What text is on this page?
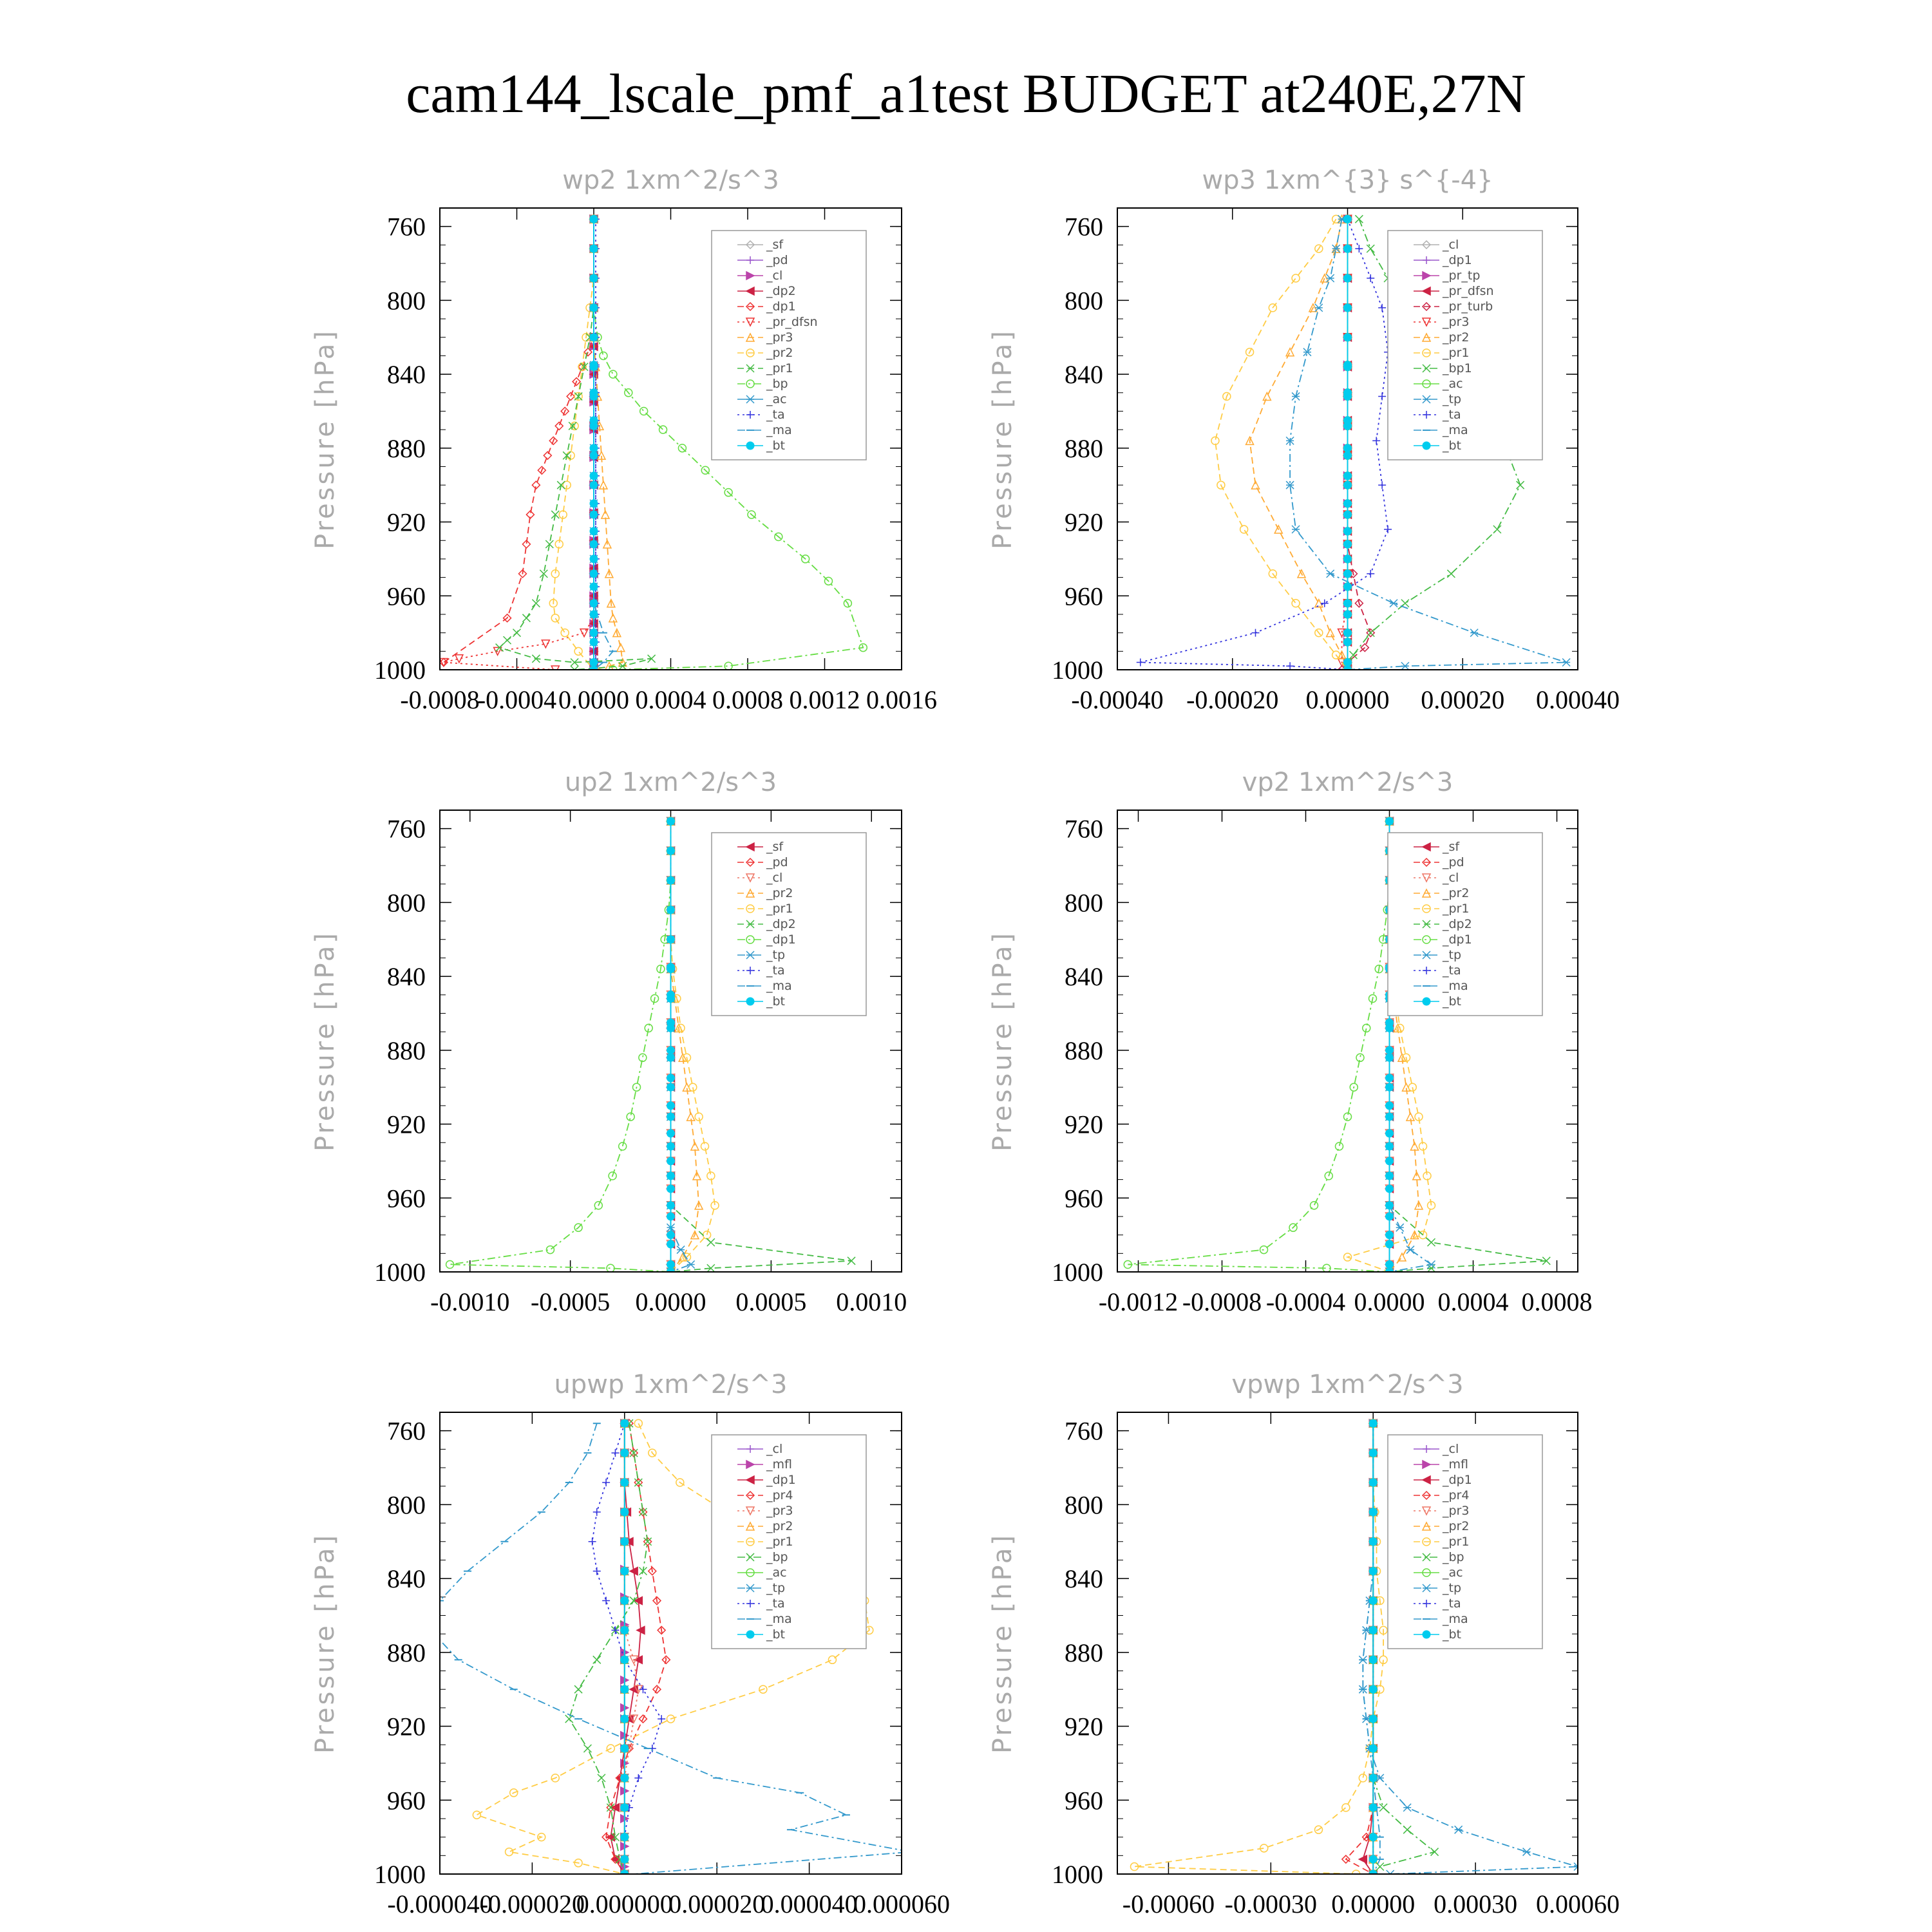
cam144_lscale_pmf_a1test BUDGET at240E,27N
wp2 1xm^2/s^3
Pressure [hPa]
760
800
840
880
920
960
1000
-0.0008
-0.0004 0.0000 0.0004 0.0008 0.0012 0.0016
_sf
_pd
_cl
_dp2
_dp1
_pr_dfsn
_pr3
_pr2
_pr1
_bp
_ac
_ta
_ma
_bt
wp3 1xm^{3} s^{-4}
Pressure [hPa]
760
800
840
880
920
960
1000
-0.00040 -0.00020 0.00000 0.00020 0.00040
_cl
_dp1
_pr_tp
_pr_dfsn
_pr_turb
_pr3
_pr2
_pr1
_bp1
_ac
_tp
_ta
_ma
_bt
up2 1xm^2/s^3
Pressure [hPa]
760
800
840
880
920
960
1000
-0.0010 -0.0005 0.0000 0.0005 0.0010
_sf
_pd
_cl
_pr2
_pr1
_dp2
_dp1
_tp
_ta
_ma
_bt
vp2 1xm^2/s^3
Pressure [hPa]
760
800
840
880
920
960
1000
-0.0012 -0.0008 -0.0004 0.0000 0.0004 0.0008
_sf
_pd
_cl
_pr2
_pr1
_dp2
_dp1
_tp
_ta
_ma
_bt
upwp 1xm^2/s^3
Pressure [hPa]
760
800
840
880
920
960
1000
-0.000040
-0.000020
0.000000
0.000020
0.000040
0.000060
_cl
_mfl
_dp1
_pr4
_pr3
_pr2
_pr1
_bp
_ac
_tp
_ta
_ma
_bt
vpwp 1xm^2/s^3
Pressure [hPa]
760
800
840
880
920
960
1000
-0.00060 -0.00030 0.00000 0.00030 0.00060
_cl
_mfl
_dp1
_pr4
_pr3
_pr2
_pr1
_bp
_ac
_tp
_ta
_ma
_bt
